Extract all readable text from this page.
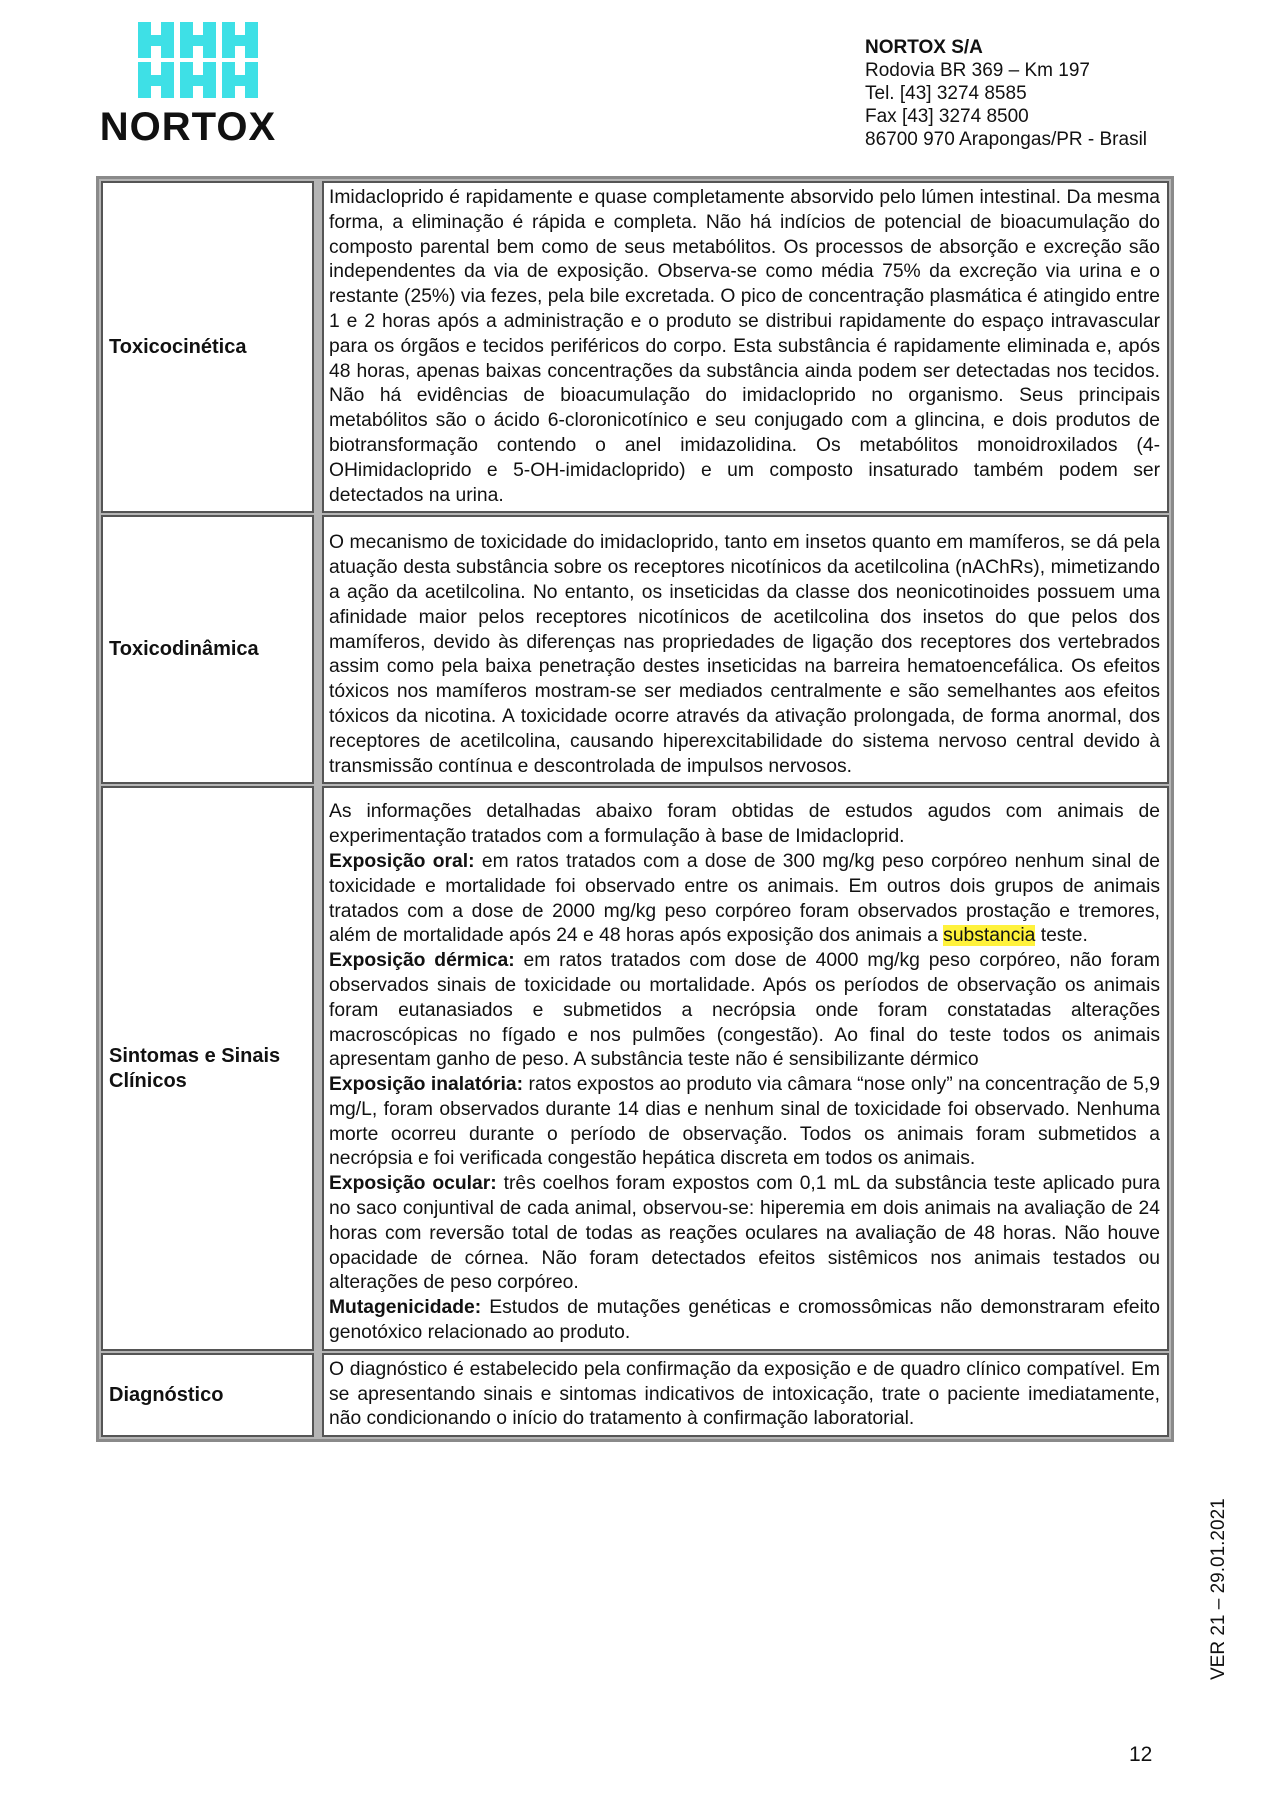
NORTOX
NORTOX S/A
Rodovia BR 369 – Km 197
Tel. [43] 3274 8585
Fax [43] 3274 8500
86700 970 Arapongas/PR - Brasil
Toxicocinética

Imidacloprido é rapidamente e quase completamente absorvido pelo lúmen intestinal. Da mesma forma, a eliminação é rápida e completa. Não há indícios de potencial de bioacumulação do composto parental bem como de seus metabólitos. Os processos de absorção e excreção são independentes da via de exposição. Observa-se como média 75% da excreção via urina e o restante (25%) via fezes, pela bile excretada. O pico de concentração plasmática é atingido entre 1 e 2 horas após a administração e o produto se distribui rapidamente do espaço intravascular para os órgãos e tecidos periféricos do corpo. Esta substância é rapidamente eliminada e, após 48 horas, apenas baixas concentrações da substância ainda podem ser detectadas nos tecidos. Não há evidências de bioacumulação do imidacloprido no organismo. Seus principais metabólitos são o ácido 6-cloronicotínico e seu conjugado com a glincina, e dois produtos de biotransformação contendo o anel imidazolidina. Os metabólitos monoidroxilados (4-OHimidacloprido e 5-OH-imidacloprido) e um composto insaturado também podem ser detectados na urina.

Toxicodinâmica

O mecanismo de toxicidade do imidacloprido, tanto em insetos quanto em mamíferos, se dá pela atuação desta substância sobre os receptores nicotínicos da acetilcolina (nAChRs), mimetizando a ação da acetilcolina. No entanto, os inseticidas da classe dos neonicotinoides possuem uma afinidade maior pelos receptores nicotínicos de acetilcolina dos insetos do que pelos dos mamíferos, devido às diferenças nas propriedades de ligação dos receptores dos vertebrados assim como pela baixa penetração destes inseticidas na barreira hematoencefálica. Os efeitos tóxicos nos mamíferos mostram-se ser mediados centralmente e são semelhantes aos efeitos tóxicos da nicotina. A toxicidade ocorre através da ativação prolongada, de forma anormal, dos receptores de acetilcolina, causando hiperexcitabilidade do sistema nervoso central devido à transmissão contínua e descontrolada de impulsos nervosos.

Sintomas e Sinais Clínicos

As informações detalhadas abaixo foram obtidas de estudos agudos com animais de experimentação tratados com a formulação à base de Imidacloprid.

Exposição oral: em ratos tratados com a dose de 300 mg/kg peso corpóreo nenhum sinal de toxicidade e mortalidade foi observado entre os animais. Em outros dois grupos de animais tratados com a dose de 2000 mg/kg peso corpóreo foram observados prostação e tremores, além de mortalidade após 24 e 48 horas após exposição dos animais a substancia teste.

Exposição dérmica: em ratos tratados com dose de 4000 mg/kg peso corpóreo, não foram observados sinais de toxicidade ou mortalidade. Após os períodos de observação os animais foram eutanasiados e submetidos a necrópsia onde foram constatadas alterações macroscópicas no fígado e nos pulmões (congestão). Ao final do teste todos os animais apresentam ganho de peso. A substância teste não é sensibilizante dérmico

Exposição inalatória: ratos expostos ao produto via câmara “nose only” na concentração de 5,9 mg/L, foram observados durante 14 dias e nenhum sinal de toxicidade foi observado. Nenhuma morte ocorreu durante o período de observação. Todos os animais foram submetidos a necrópsia e foi verificada congestão hepática discreta em todos os animais.

Exposição ocular: três coelhos foram expostos com 0,1 mL da substância teste aplicado pura no saco conjuntival de cada animal, observou-se: hiperemia em dois animais na avaliação de 24 horas com reversão total de todas as reações oculares na avaliação de 48 horas. Não houve opacidade de córnea. Não foram detectados efeitos sistêmicos nos animais testados ou alterações de peso corpóreo.

Mutagenicidade: Estudos de mutações genéticas e cromossômicas não demonstraram efeito genotóxico relacionado ao produto.

Diagnóstico

O diagnóstico é estabelecido pela confirmação da exposição e de quadro clínico compatível. Em se apresentando sinais e sintomas indicativos de intoxicação, trate o paciente imediatamente, não condicionando o início do tratamento à confirmação laboratorial.

VER 21 – 29.01.2021
12
